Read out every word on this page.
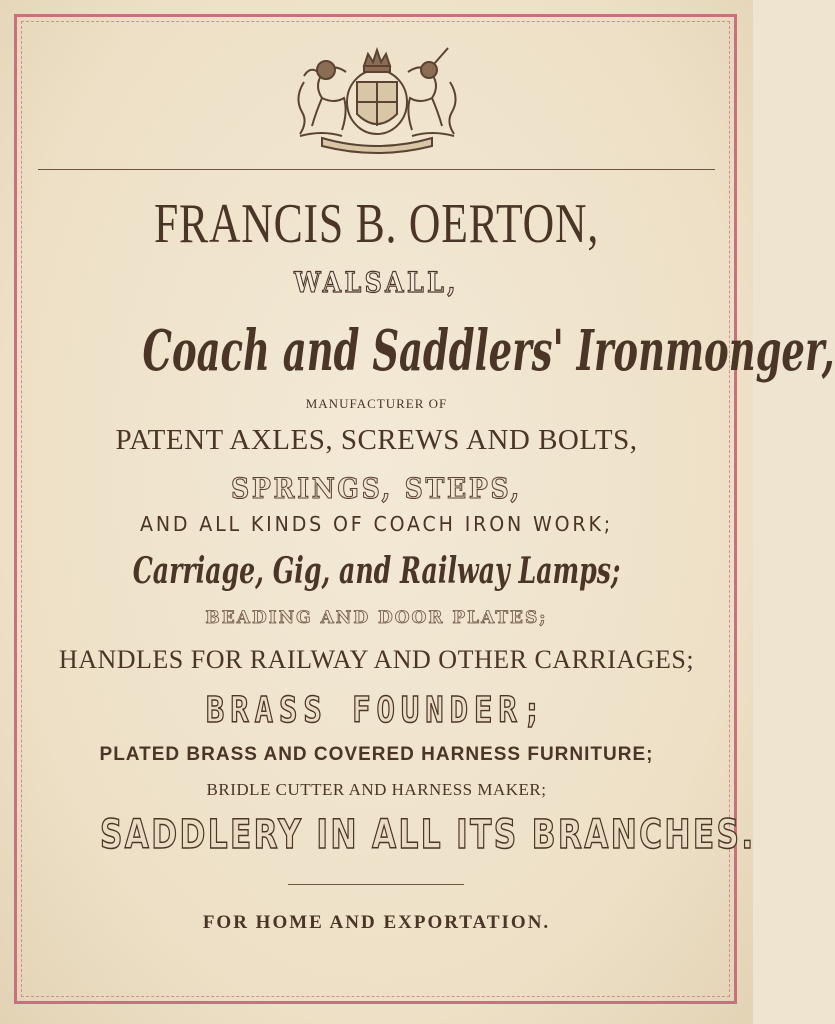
FRANCIS B. OERTON,

WALSALL,

Coach and Saddlers' Ironmonger,

MANUFACTURER OF

PATENT AXLES, SCREWS AND BOLTS,

SPRINGS, STEPS,

AND ALL KINDS OF COACH IRON WORK;

Carriage, Gig, and Railway Lamps;

BEADING AND DOOR PLATES;

HANDLES FOR RAILWAY AND OTHER CARRIAGES;

BRASS FOUNDER;

PLATED BRASS AND COVERED HARNESS FURNITURE;

BRIDLE CUTTER AND HARNESS MAKER;

SADDLERY IN ALL ITS BRANCHES.

FOR HOME AND EXPORTATION.
